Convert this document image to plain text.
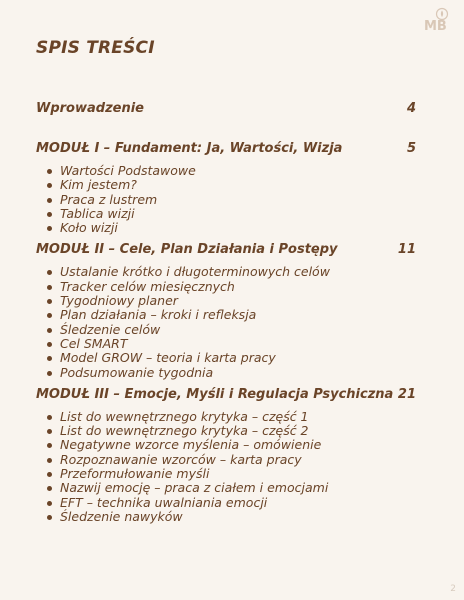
MB
SPIS TREŚCI
Wprowadzenie	4
MODUŁ I – Fundament: Ja, Wartości, Wizja	5
Wartości Podstawowe
Kim jestem?
Praca z lustrem
Tablica wizji
Koło wizji
MODUŁ II – Cele, Plan Działania i Postępy	11
Ustalanie krótko i długoterminowych celów
Tracker celów miesięcznych
Tygodniowy planer
Plan działania – kroki i refleksja
Śledzenie celów
Cel SMART
Model GROW – teoria i karta pracy
Podsumowanie tygodnia
MODUŁ III – Emocje, Myśli i Regulacja Psychiczna 21
List do wewnętrznego krytyka – część 1
List do wewnętrznego krytyka – część 2
Negatywne wzorce myślenia – omówienie
Rozpoznawanie wzorców – karta pracy
Przeformułowanie myśli
Nazwij emocję – praca z ciałem i emocjami
EFT – technika uwalniania emocji
Śledzenie nawyków
2
